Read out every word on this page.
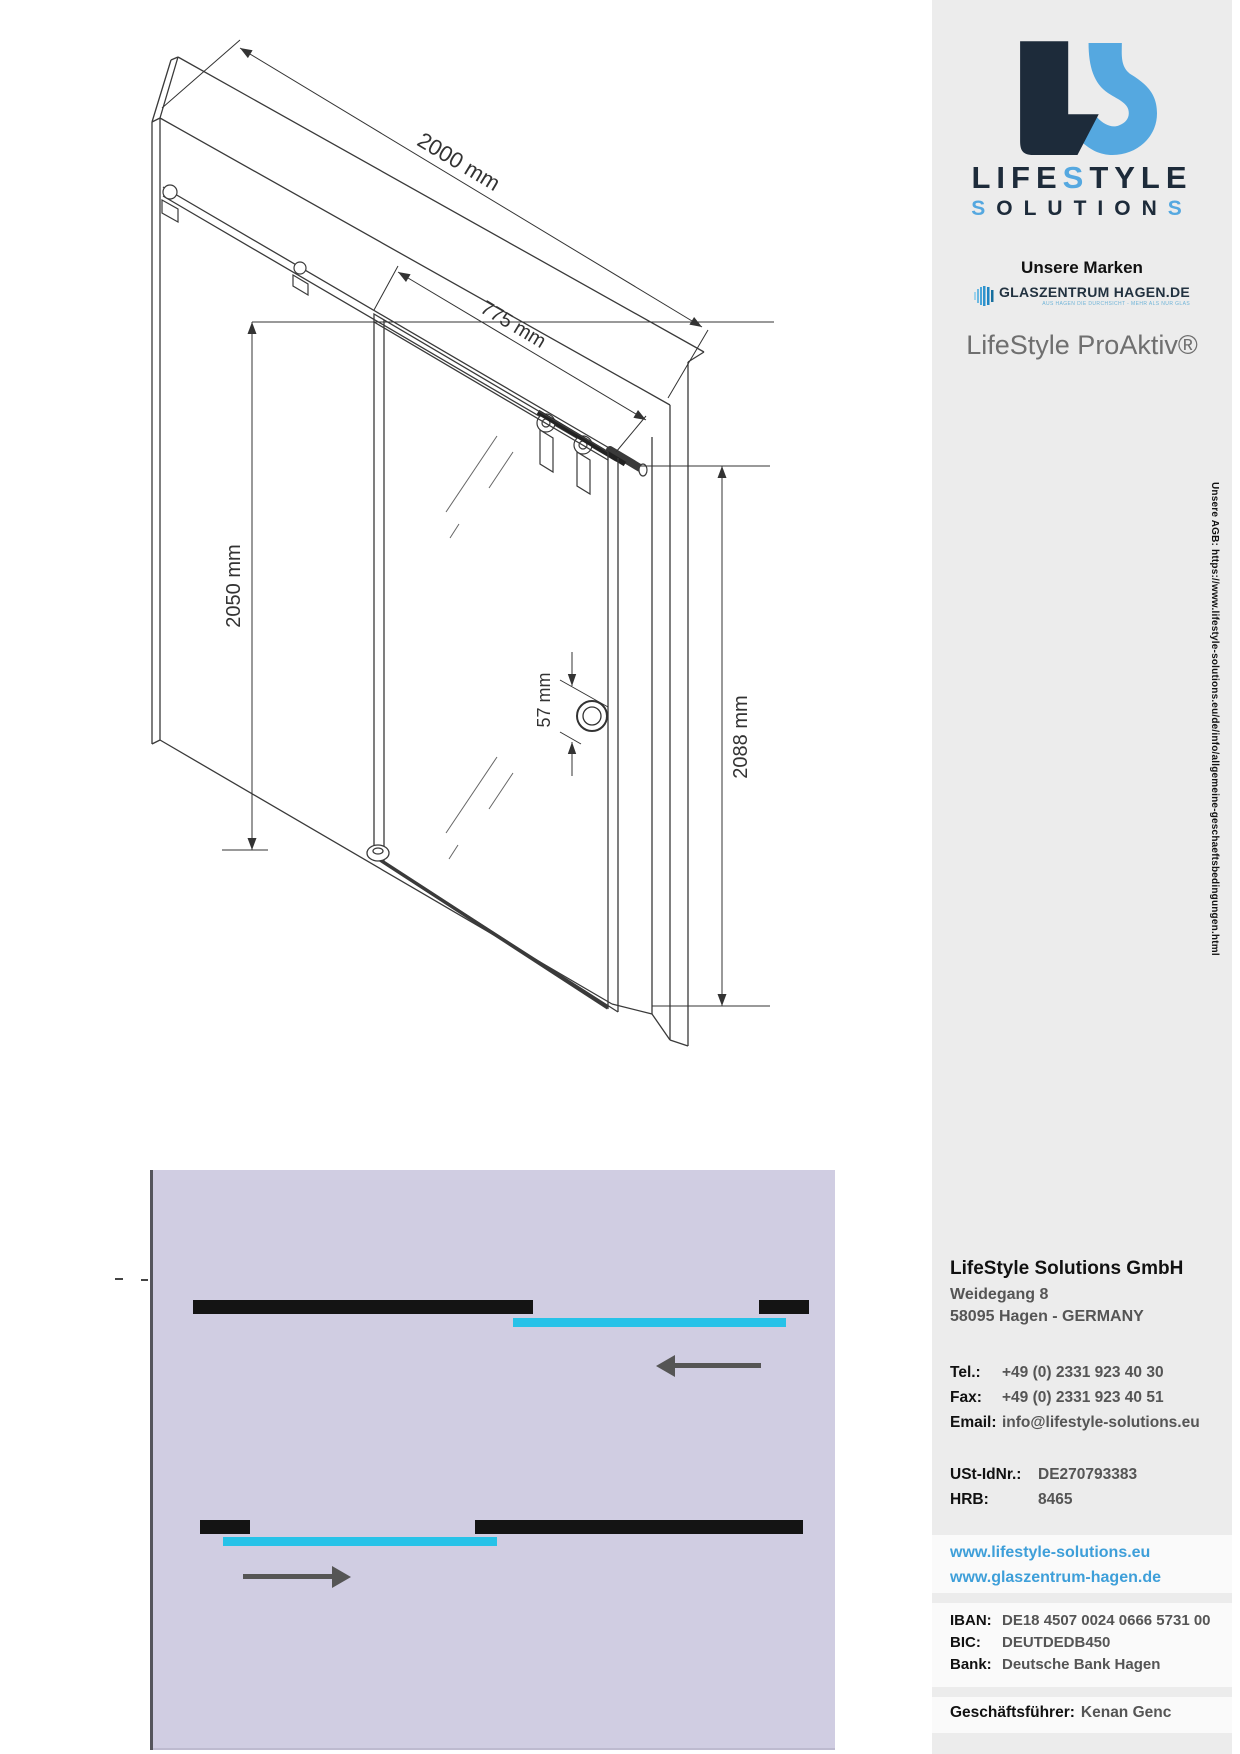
2000 mm
775 mm
2050 mm
57 mm	2088 mm
LIFESTYLE
SOLUTIONS
Unsere Marken
GLASZENTRUM HAGEN.DE
AUS HAGEN DIE DURCHSICHT - MEHR ALS NUR GLAS
LifeStyle ProAktiv®
LifeStyle Solutions GmbH
Weidegang 8
58095 Hagen - GERMANY
Tel.:	+49 (0) 2331 923 40 30
Fax:	+49 (0) 2331 923 40 51
Email: info@lifestyle-solutions.eu
USt-IdNr.:	DE270793383
HRB:	8465
www.lifestyle-solutions.eu
www.glaszentrum-hagen.de
IBAN: DE18 4507 0024 0666 5731 00
BIC:	DEUTDEDB450
Bank: Deutsche Bank Hagen
Geschäftsführer: Kenan Genc
Unsere AGB: https://www.lifestyle-solutions.eu/de/info/allgemeine-geschaeftsbedingungen.html
